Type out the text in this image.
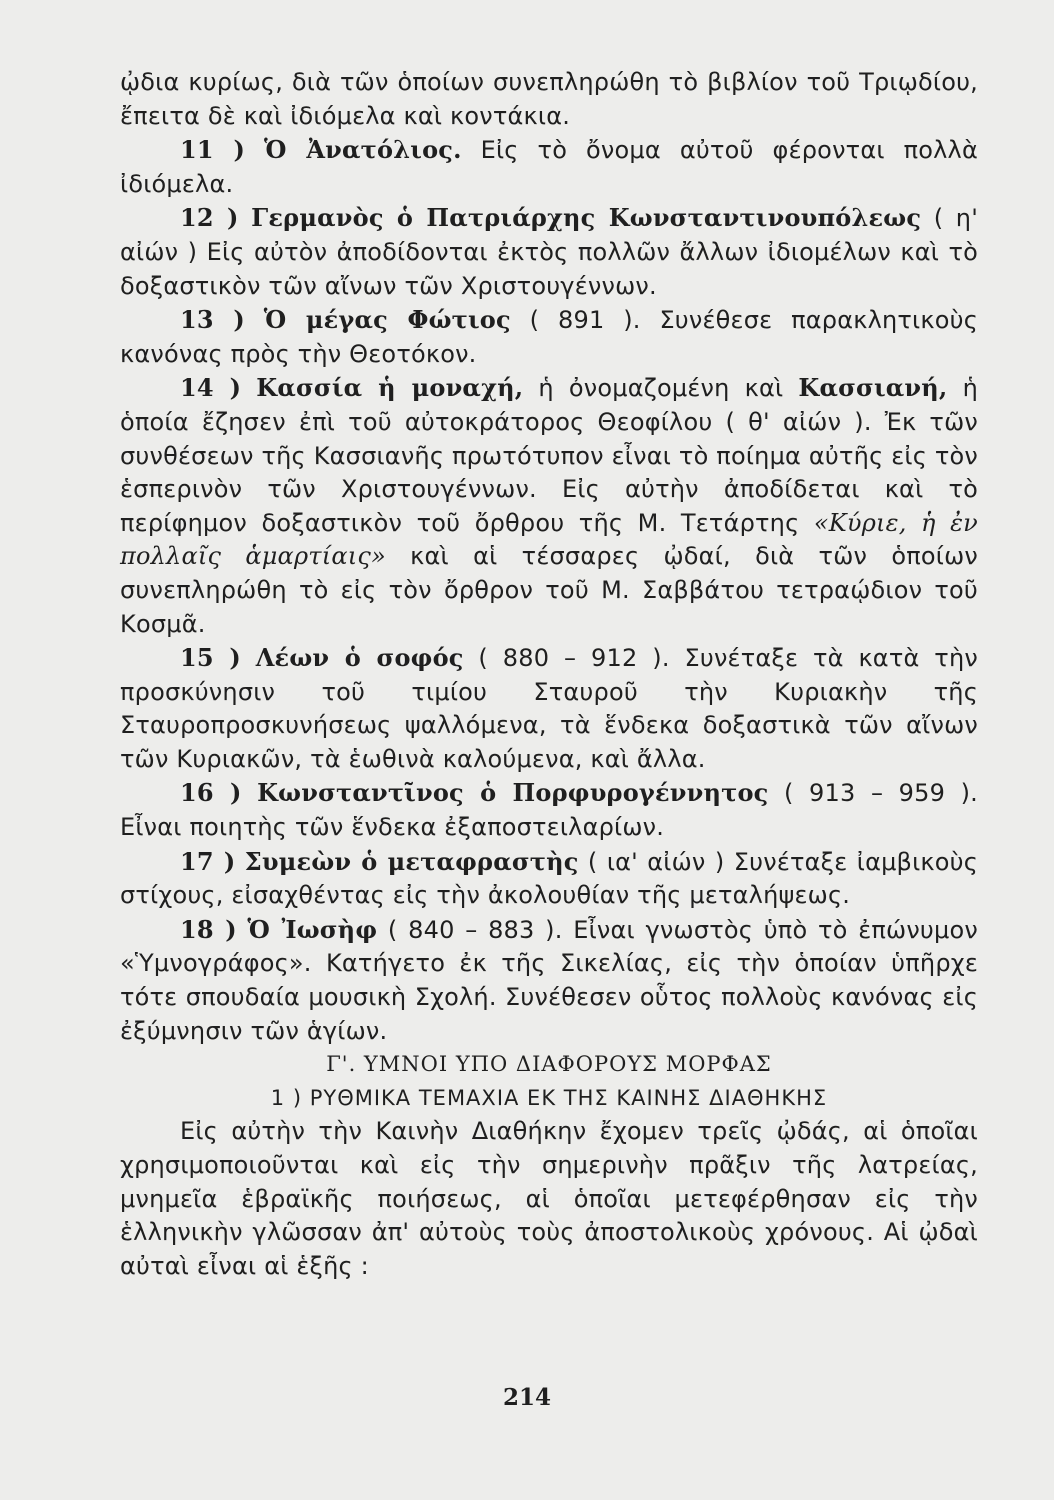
ᾠδια κυρίως, διὰ τῶν ὁποίων συνεπληρώθη τὸ βιβλίον τοῦ Τριῳδίου, ἔπειτα δὲ καὶ ἰδιόμελα καὶ κοντάκια.

11 ) Ὁ Ἀνατόλιος. Εἰς τὸ ὄνομα αὐτοῦ φέρονται πολλὰ ἰδιόμελα.

12 ) Γερμανὸς ὁ Πατριάρχης Κωνσταντινουπόλεως ( η' αἰών ) Εἰς αὐτὸν ἀποδίδονται ἐκτὸς πολλῶν ἄλλων ἰδιομέλων καὶ τὸ δοξαστικὸν τῶν αἴνων τῶν Χριστουγέννων.

13 ) Ὁ μέγας Φώτιος ( 891 ). Συνέθεσε παρακλητικοὺς κανόνας πρὸς τὴν Θεοτόκον.

14 ) Κασσία ἡ μοναχή, ἡ ὀνομαζομένη καὶ Κασσιανή, ἡ ὁποία ἔζησεν ἐπὶ τοῦ αὐτοκράτορος Θεοφίλου ( θ' αἰών ). Ἐκ τῶν συνθέσεων τῆς Κασσιανῆς πρωτότυπον εἶναι τὸ ποίημα αὐτῆς εἰς τὸν ἑσπερινὸν τῶν Χριστουγέννων. Εἰς αὐτὴν ἀποδίδεται καὶ τὸ περίφημον δοξαστικὸν τοῦ ὄρθρου τῆς Μ. Τετάρτης «Κύριε, ἡ ἐν πολλαῖς ἁμαρτίαις» καὶ αἱ τέσσαρες ᾠδαί, διὰ τῶν ὁποίων συνεπληρώθη τὸ εἰς τὸν ὄρθρον τοῦ Μ. Σαββάτου τετραῴδιον τοῦ Κοσμᾶ.

15 ) Λέων ὁ σοφός ( 880 – 912 ). Συνέταξε τὰ κατὰ τὴν προσκύνησιν τοῦ τιμίου Σταυροῦ τὴν Κυριακὴν τῆς Σταυροπροσκυνήσεως ψαλλόμενα, τὰ ἕνδεκα δοξαστικὰ τῶν αἴνων τῶν Κυριακῶν, τὰ ἑωθινὰ καλούμενα, καὶ ἄλλα.

16 ) Κωνσταντῖνος ὁ Πορφυρογέννητος ( 913 – 959 ). Εἶναι ποιητὴς τῶν ἕνδεκα ἐξαποστειλαρίων.

17 ) Συμεὼν ὁ μεταφραστὴς ( ια' αἰών ) Συνέταξε ἰαμβικοὺς στίχους, εἰσαχθέντας εἰς τὴν ἀκολουθίαν τῆς μεταλήψεως.

18 ) Ὁ Ἰωσὴφ ( 840 – 883 ). Εἶναι γνωστὸς ὑπὸ τὸ ἐπώνυμον «Ὑμνογράφος». Κατήγετο ἐκ τῆς Σικελίας, εἰς τὴν ὁποίαν ὑπῆρχε τότε σπουδαία μουσικὴ Σχολή. Συνέθεσεν οὗτος πολλοὺς κανόνας εἰς ἐξύμνησιν τῶν ἁγίων.

Γ'. ΥΜΝΟΙ ΥΠΟ ΔΙΑΦΟΡΟΥΣ ΜΟΡΦΑΣ

1 ) ΡΥΘΜΙΚΑ ΤΕΜΑΧΙΑ ΕΚ ΤΗΣ ΚΑΙΝΗΣ ΔΙΑΘΗΚΗΣ

Εἰς αὐτὴν τὴν Καινὴν Διαθήκην ἔχομεν τρεῖς ᾠδάς, αἱ ὁποῖαι χρησιμοποιοῦνται καὶ εἰς τὴν σημερινὴν πρᾶξιν τῆς λατρείας, μνημεῖα ἑβραϊκῆς ποιήσεως, αἱ ὁποῖαι μετεφέρθησαν εἰς τὴν ἑλληνικὴν γλῶσσαν ἀπ' αὐτοὺς τοὺς ἀποστολικοὺς χρόνους. Αἱ ᾠδαὶ αὐταὶ εἶναι αἱ ἑξῆς :

214
